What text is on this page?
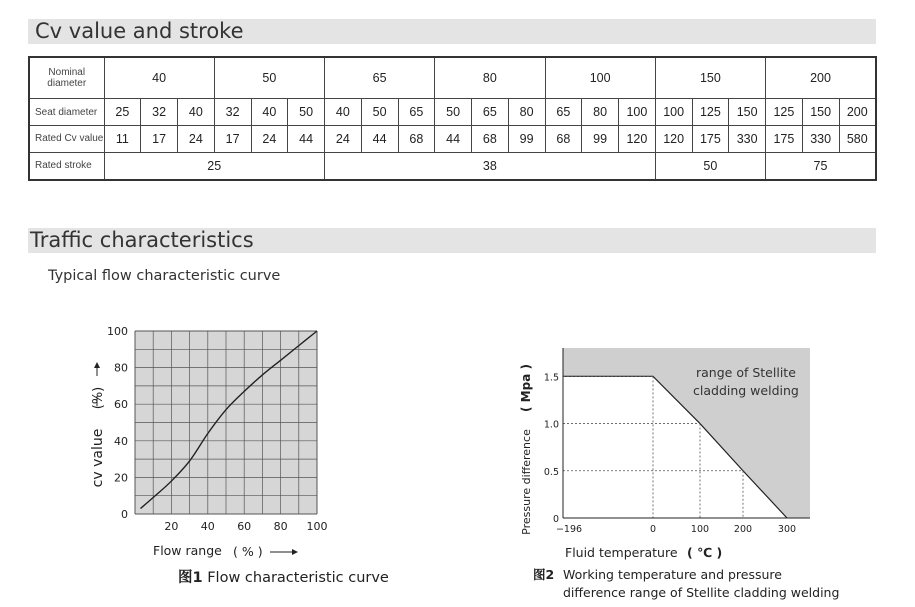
Cv value and stroke
Nominal diameter	40			50			65			80			100			150			200		
Seat diameter	25	32	40	32	40	50	40	50	65	50	65	80	65	80	100	100	125	150	125	150	200
Rated Cv value	11	17	24	17	24	44	24	44	68	44	68	99	68	99	120	120	175	330	175	330	580
Rated stroke	25						38									50			75		
Traffic characteristics
Typical flow characteristic curve
0
20
40
60
80
100
20 40 60 80 100
cv value
(%)
Flow range ( % )
图1 Flow characteristic curve
0
0.5
1.0
1.5
−196	0	100	200	300
range of Stellite cladding welding
Pressure difference
( Mpa )
Fluid temperature ( ℃ )
图2 Working temperature and pressure
difference range of Stellite cladding welding
